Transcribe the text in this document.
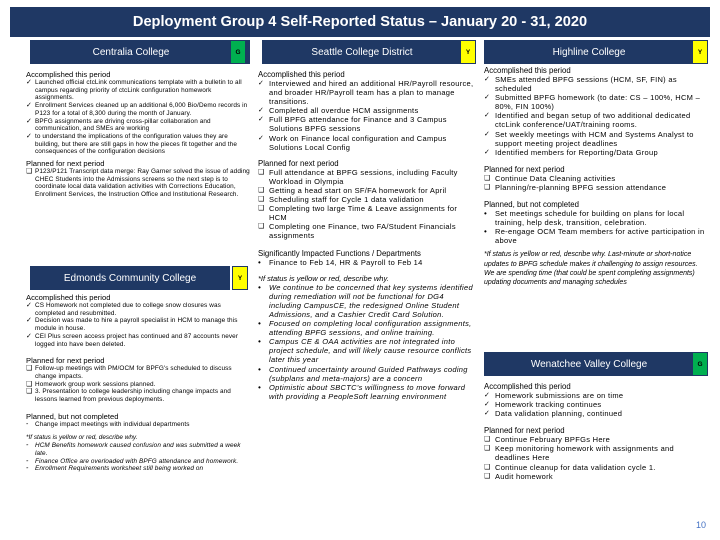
Deployment Group 4 Self-Reported Status – January 20 - 31, 2020
Centralia College	G
Accomplished this period
✓ Launched official ctcLink communications template with a bulletin to all campus regarding priority of ctcLink configuration homework assignments.
✓ Enrollment Services cleaned up an additional 6,000 Bio/Demo records in P123 for a total of 8,300 during the month of January.
✓ BPFG assignments are driving cross-pillar collaboration and communication, and SMEs are working
✓ to understand the implications of the configuration values they are building, but there are still gaps in how the pieces fit together and the consequences of the configuration decisions
Planned for next period
❑ P123/P121 Transcript data merge: Ray Garner solved the issue of adding CHEC Students into the Admissions screens so the next step is to coordinate local data validation activities with Corrections Education, Enrollment Services, the Instruction Office and Institutional Research.
Edmonds Community College	Y
Accomplished this period
✓ CS Homework not completed due to college snow closures was completed and resubmitted.
✓ Decision was made to hire a payroll specialist in HCM to manage this module in house.
✓ CEI Plus screen access project has continued and 87 accounts never logged into have been deleted.
Planned for next period
❑ Follow-up meetings with PM/OCM for BPFG's scheduled to discuss change impacts.
❑ Homework group work sessions planned.
❑ 3. Presentation to college leadership including change impacts and lessons learned from previous deployments.
Planned, but not completed
- Change impact meetings with individual departments
*If status is yellow or red, describe why.
- HCM Benefits homework caused confusion and was submitted a week late.
- Finance Office are overloaded with BPFG attendance and homework.
- Enrollment Requirements worksheet still being worked on
Seattle College District	Y
Accomplished this period
✓ Interviewed and hired an additional HR/Payroll resource, and broader HR/Payroll team has a plan to manage transitions.
✓ Completed all overdue HCM assignments
✓ Full BPFG attendance for Finance and 3 Campus Solutions BPFG sessions
✓ Work on Finance local configuration and Campus Solutions Local Config
Planned for next period
❑ Full attendance at BPFG sessions, including Faculty Workload in Olympia
❑ Getting a head start on SF/FA homework for April
❑ Scheduling staff for Cycle 1 data validation
❑ Completing two large Time & Leave assignments for HCM
❑ Completing one Finance, two FA/Student Financials assignments
Significantly Impacted Functions / Departments
• Finance to Feb 14, HR & Payroll to Feb 14
*If status is yellow or red, describe why.
• We continue to be concerned that key systems identified during remediation will not be functional for DG4 including CampusCE, the redesigned Online Student Admissions, and a Cashier Credit Card Solution.
• Focused on completing local configuration assignments, attending BPFG sessions, and online training.
• Campus CE & OAA activities are not integrated into project schedule, and will likely cause resource conflicts later this year
• Continued uncertainty around Guided Pathways coding (subplans and meta-majors) are a concern
• Optimistic about SBCTC's willingness to move forward with providing a PeopleSoft learning environment
Highline College	Y
Accomplished this period
✓ SMEs attended BPFG sessions (HCM, SF, FIN) as scheduled
✓ Submitted BPFG homework (to date: CS – 100%, HCM – 80%, FIN 100%)
✓ Identified and began setup of two additional dedicated ctcLink conference/UAT/training rooms.
✓ Set weekly meetings with HCM and Systems Analyst to support meeting project deadlines
✓ Identified members for Reporting/Data Group
Planned for next period
❑ Continue Data Cleaning activities
❑ Planning/re-planning BPFG session attendance
Planned, but not completed
• Set meetings schedule for building on plans for local training, help desk, transition, celebration.
• Re-engage OCM Team members for active participation in above
*If status is yellow or red, describe why. Last-minute or short-notice updates to BPFG schedule makes it challenging to assign resources. We are spending time (that could be spent completing assignments) updating documents and managing schedules
Wenatchee Valley College	G
Accomplished this period
✓ Homework submissions are on time
✓ Homework tracking continues
✓ Data validation planning, continued
Planned for next period
❑ Continue February BPFGs Here
❑ Keep monitoring homework with assignments and deadlines Here
❑ Continue cleanup for data validation cycle 1.
❑ Audit homework
10
